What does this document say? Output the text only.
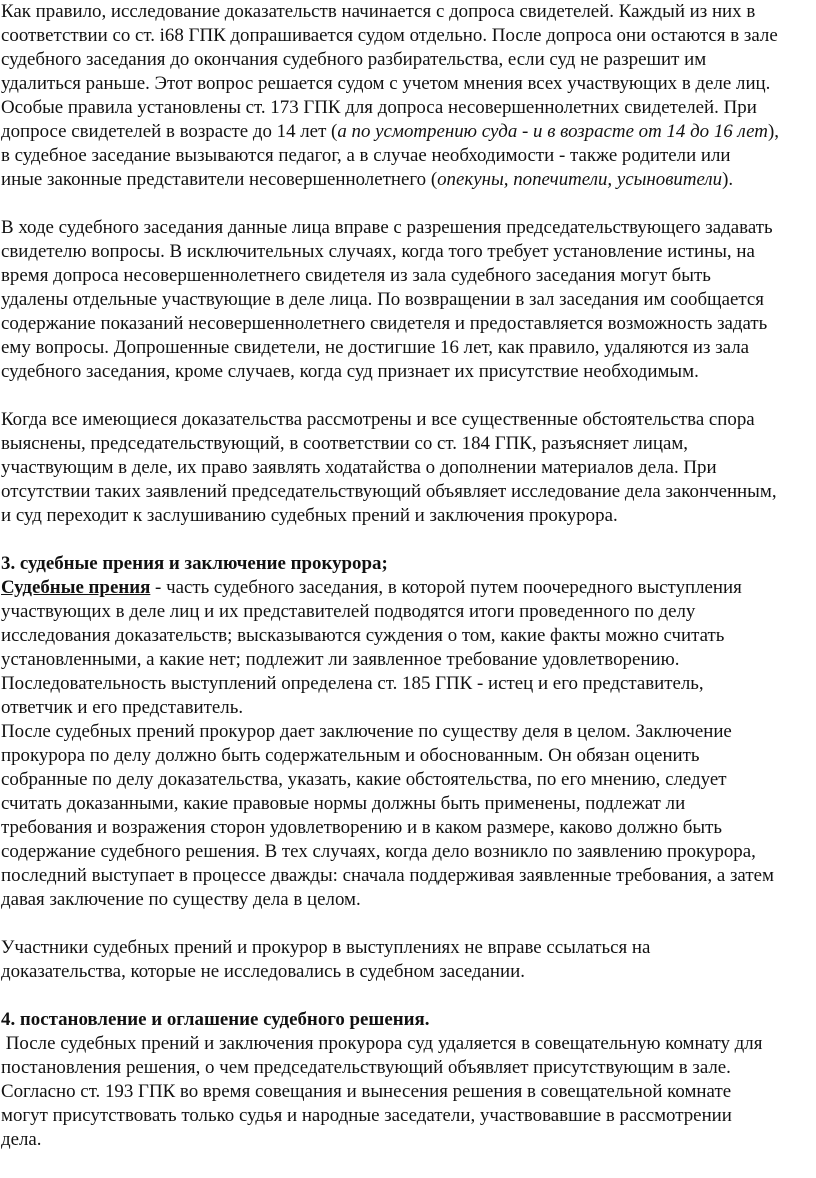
Как правило, исследование доказательств начинается с допроса свидетелей. Каждый из них в
соответствии со ст. i68 ГПК допрашивается судом отдельно. После допроса они остаются в зале
судебного заседания до окончания судебного разбирательства, если суд не разрешит им
удалиться раньше. Этот вопрос решается судом с учетом мнения всех участвующих в деле лиц.
Особые правила установлены ст. 173 ГПК для допроса несовершеннолетних свидетелей. При
допросе свидетелей в возрасте до 14 лет (а по усмотрению суда - и в возрасте от 14 до 16 лет),
в судебное заседание вызываются педагог, а в случае необходимости - также родители или
иные законные представители несовершеннолетнего (опекуны, попечители, усыновители).
В ходе судебного заседания данные лица вправе с разрешения председательствующего задавать
свидетелю вопросы. В исключительных случаях, когда того требует установление истины, на
время допроса несовершеннолетнего свидетеля из зала судебного заседания могут быть
удалены отдельные участвующие в деле лица. По возвращении в зал заседания им сообщается
содержание показаний несовершеннолетнего свидетеля и предоставляется возможность задать
ему вопросы. Допрошенные свидетели, не достигшие 16 лет, как правило, удаляются из зала
судебного заседания, кроме случаев, когда суд признает их присутствие необходимым.
Когда все имеющиеся доказательства рассмотрены и все существенные обстоятельства спора
выяснены, председательствующий, в соответствии со ст. 184 ГПК, разъясняет лицам,
участвующим в деле, их право заявлять ходатайства о дополнении материалов дела. При
отсутствии таких заявлений председательствующий объявляет исследование дела законченным,
и суд переходит к заслушиванию судебных прений и заключения прокурора.
3. судебные прения и заключение прокурора;
Судебные прения - часть судебного заседания, в которой путем поочередного выступления
участвующих в деле лиц и их представителей подводятся итоги проведенного по делу
исследования доказательств; высказываются суждения о том, какие факты можно считать
установленными, а какие нет; подлежит ли заявленное требование удовлетворению.
Последовательность выступлений определена ст. 185 ГПК - истец и его представитель,
ответчик и его представитель.
После судебных прений прокурор дает заключение по существу деля в целом. Заключение
прокурора по делу должно быть содержательным и обоснованным. Он обязан оценить
собранные по делу доказательства, указать, какие обстоятельства, по его мнению, следует
считать доказанными, какие правовые нормы должны быть применены, подлежат ли
требования и возражения сторон удовлетворению и в каком размере, каково должно быть
содержание судебного решения. В тех случаях, когда дело возникло по заявлению прокурора,
последний выступает в процессе дважды: сначала поддерживая заявленные требования, а затем
давая заключение по существу дела в целом.
Участники судебных прений и прокурор в выступлениях не вправе ссылаться на
доказательства, которые не исследовались в судебном заседании.
4. постановление и оглашение судебного решения.
После судебных прений и заключения прокурора суд удаляется в совещательную комнату для
постановления решения, о чем председательствующий объявляет присутствующим в зале.
Согласно ст. 193 ГПК во время совещания и вынесения решения в совещательной комнате
могут присутствовать только судья и народные заседатели, участвовавшие в рассмотрении
дела.
